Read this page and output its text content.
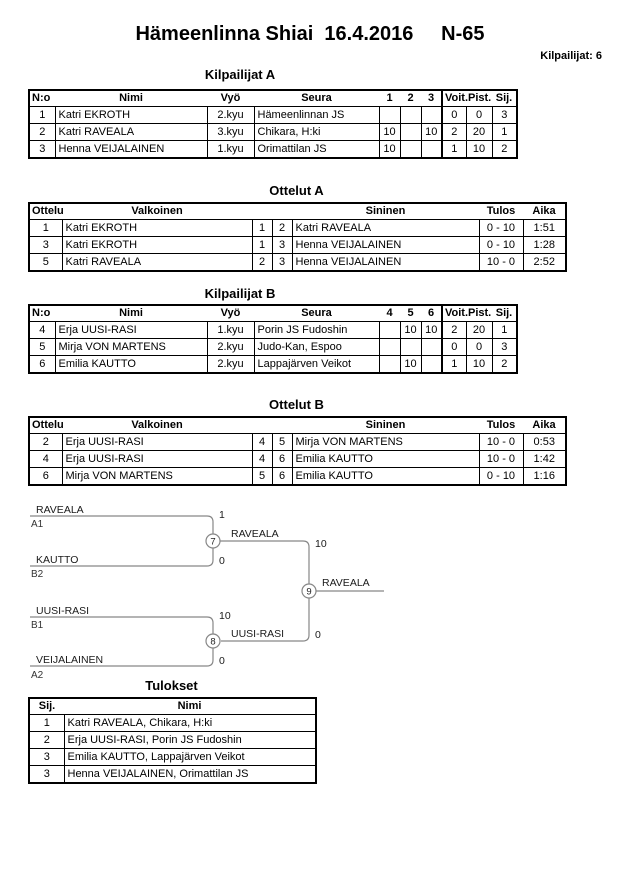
Hämeenlinna Shiai  16.4.2016     N-65
Kilpailijat: 6
Kilpailijat A
N:o	Nimi	Vyö	Seura	1	2	3	Voit.	Pist.	Sij.
1	Katri EKROTH	2.kyu	Hämeenlinnan JS				0	0	3
2	Katri RAVEALA	3.kyu	Chikara, H:ki	10		10	2	20	1
3	Henna VEIJALAINEN	1.kyu	Orimattilan JS	10			1	10	2
Ottelut A
Ottelu	Valkoinen			Sininen	Tulos	Aika
1	Katri EKROTH	1	2	Katri RAVEALA	0 - 10	1:51
3	Katri EKROTH	1	3	Henna VEIJALAINEN	0 - 10	1:28
5	Katri RAVEALA	2	3	Henna VEIJALAINEN	10 - 0	2:52
Kilpailijat B
N:o	Nimi	Vyö	Seura	4	5	6	Voit.	Pist.	Sij.
4	Erja UUSI-RASI	1.kyu	Porin JS Fudoshin		10	10	2	20	1
5	Mirja VON MARTENS	2.kyu	Judo-Kan, Espoo				0	0	3
6	Emilia KAUTTO	2.kyu	Lappajärven Veikot		10		1	10	2
Ottelut B
Ottelu	Valkoinen			Sininen	Tulos	Aika
2	Erja UUSI-RASI	4	5	Mirja VON MARTENS	10 - 0	0:53
4	Erja UUSI-RASI	4	6	Emilia KAUTTO	10 - 0	1:42
6	Mirja VON MARTENS	5	6	Emilia KAUTTO	0 - 10	1:16
7
8
9
RAVEALA
A1
KAUTTO
B2
1
0
RAVEALA
UUSI-RASI
B1
VEIJALAINEN
A2
10
0
UUSI-RASI
10
0
RAVEALA
Tulokset
Sij.	Nimi
1	Katri RAVEALA, Chikara, H:ki
2	Erja UUSI-RASI, Porin JS Fudoshin
3	Emilia KAUTTO, Lappajärven Veikot
3	Henna VEIJALAINEN, Orimattilan JS
